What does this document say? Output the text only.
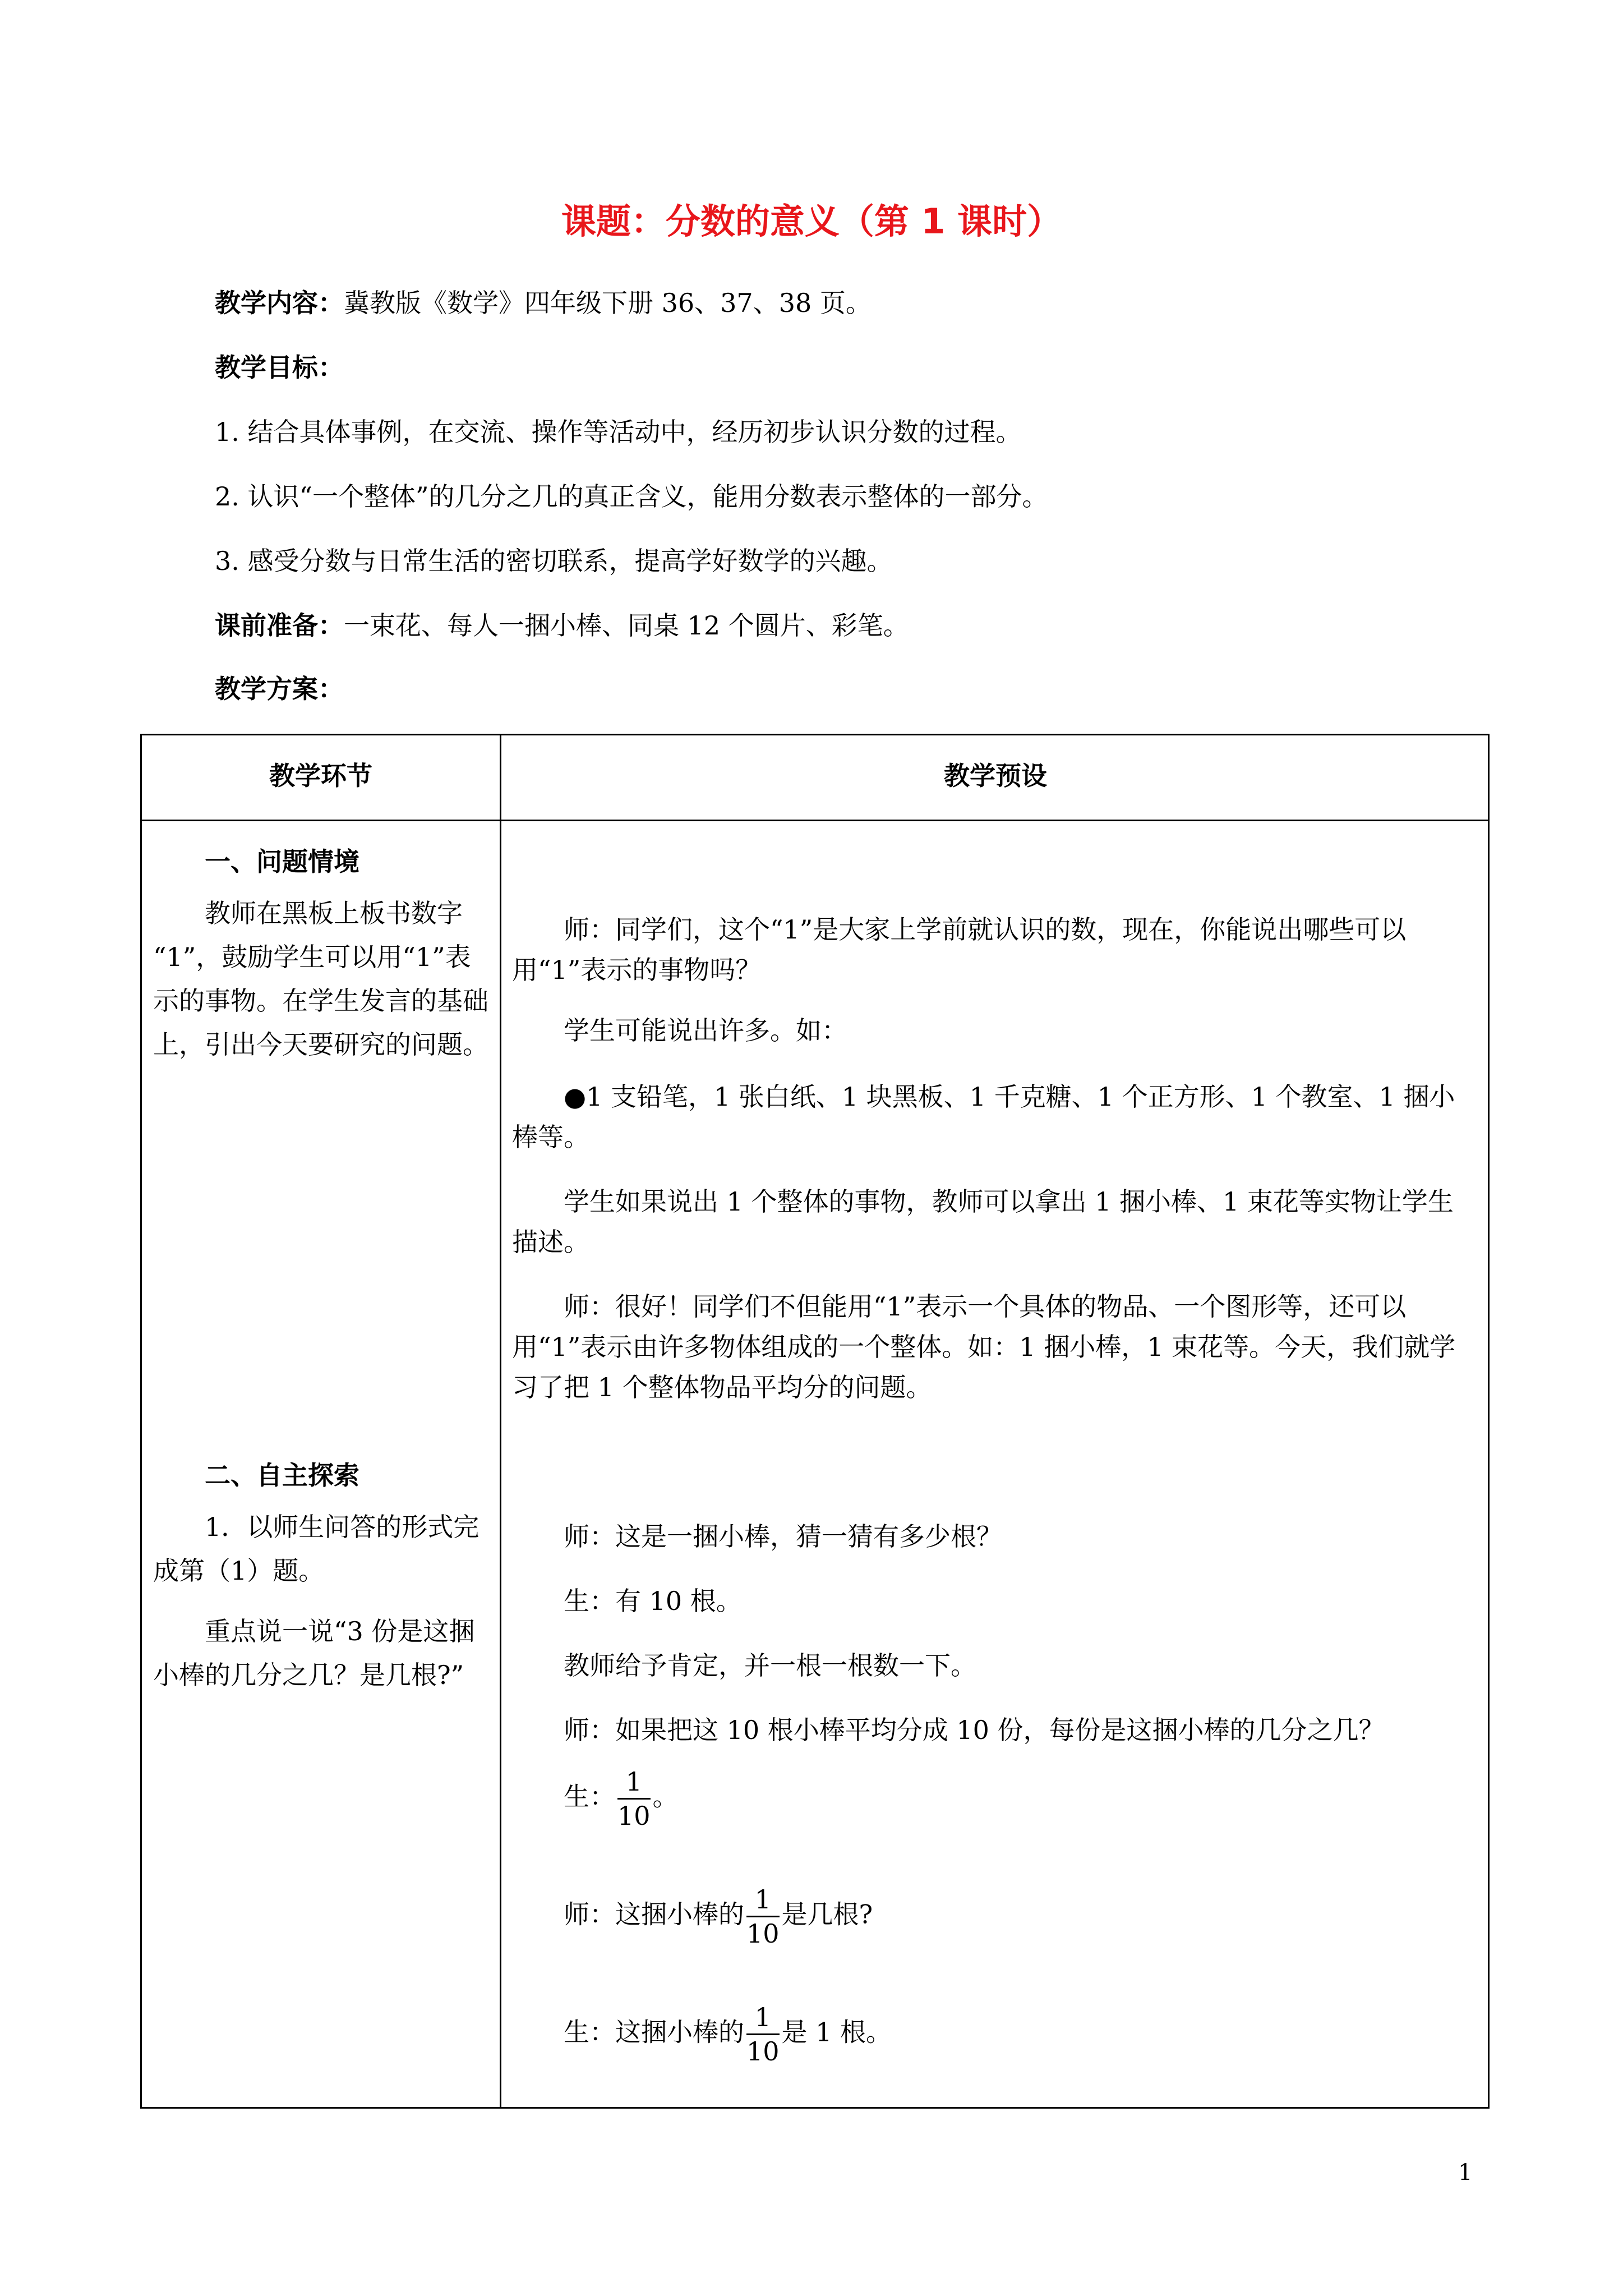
课题：分数的意义（第 1 课时）
教学内容：冀教版《数学》四年级下册 36、37、38 页。
教学目标：
1. 结合具体事例，在交流、操作等活动中，经历初步认识分数的过程。
2. 认识“一个整体”的几分之几的真正含义，能用分数表示整体的一部分。
3. 感受分数与日常生活的密切联系，提高学好数学的兴趣。
课前准备：一束花、每人一捆小棒、同桌 12 个圆片、彩笔。
教学方案：
教学环节	教学预设
一、问题情境

教师在黑板上板书数字 “1”，鼓励学生可以用“1”表示的事物。在学生发言的基础上，引出今天要研究的问题。

师：同学们，这个“1”是大家上学前就认识的数，现在，你能说出哪些可以用“1”表示的事物吗？

学生可能说出许多。如：

●1 支铅笔，1 张白纸、1 块黑板、1 千克糖、1 个正方形、1 个教室、1 捆小棒等。

学生如果说出 1 个整体的事物，教师可以拿出 1 捆小棒、1 束花等实物让学生描述。

师：很好！同学们不但能用“1”表示一个具体的物品、一个图形等，还可以用“1”表示由许多物体组成的一个整体。如：1 捆小棒，1 束花等。今天，我们就学习了把 1 个整体物品平均分的问题。

二、自主探索

1．以师生问答的形式完成第（1）题。

重点说一说“3 份是这捆小棒的几分之几？是几根?”

师：这是一捆小棒，猜一猜有多少根？

生：有 10 根。

教师给予肯定，并一根一根数一下。

师：如果把这 10 根小棒平均分成 10 份，每份是这捆小棒的几分之几？

生： $\frac{1}{10}$ 。

师：这捆小棒的 $\frac{1}{10}$ 是几根?

生：这捆小棒的 $\frac{1}{10}$ 是 1 根。

1
